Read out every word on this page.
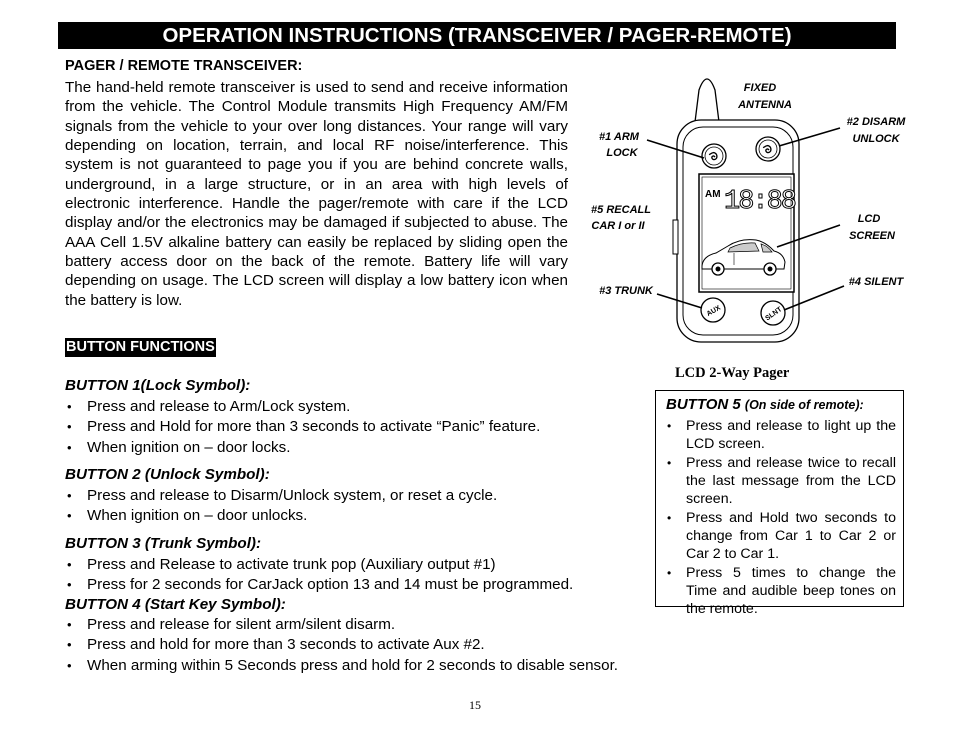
OPERATION INSTRUCTIONS (TRANSCEIVER / PAGER-REMOTE)
PAGER / REMOTE TRANSCEIVER:

The hand-held remote transceiver is used to send and receive information from the vehicle. The Control Module transmits High Frequency AM/FM signals from the vehicle to your over long distances. Your range will vary depending on location, terrain, and local RF noise/interference. This system is not guaranteed to page you if you are behind concrete walls, underground, in a large structure, or in an area with high levels of electronic interference. Handle the pager/remote with care if the LCD display and/or the electronics may be damaged if subjected to abuse. The AAA Cell 1.5V alkaline battery can easily be replaced by sliding open the battery access door on the back of the remote. Battery life will vary depending on usage. The LCD screen will display a low battery icon when the battery is low.

BUTTON FUNCTIONS
BUTTON 1(Lock Symbol):
• Press and release to Arm/Lock system.
• Press and Hold for more than 3 seconds to activate “Panic” feature.
• When ignition on – door locks.
BUTTON 2 (Unlock Symbol):
• Press and release to Disarm/Unlock system, or reset a cycle.
• When ignition on – door unlocks.
BUTTON 3 (Trunk Symbol):
• Press and Release to activate trunk pop (Auxiliary output #1)
• Press for 2 seconds for CarJack option 13 and 14 must be programmed.
BUTTON 4 (Start Key Symbol):
• Press and release for silent arm/silent disarm.
• Press and hold for more than 3 seconds to activate Aux #2.
• When arming within 5 Seconds press and hold for 2 seconds to disable sensor.
ᘐ	ᘐ
AM 18:88
AUX	SLNT
FIXED
ANTENNA
#1 ARM
LOCK
#2 DISARM
UNLOCK
#5 RECALL
CAR I or II
LCD
SCREEN
#3 TRUNK
#4 SILENT
LCD 2-Way Pager
BUTTON 5 (On side of remote):
• Press and release to light up the LCD screen.
• Press and release twice to recall the last message from the LCD screen.
• Press and Hold two seconds to change from Car 1 to Car 2 or Car 2 to Car 1.
• Press 5 times to change the Time and audible beep tones on the remote.
15
